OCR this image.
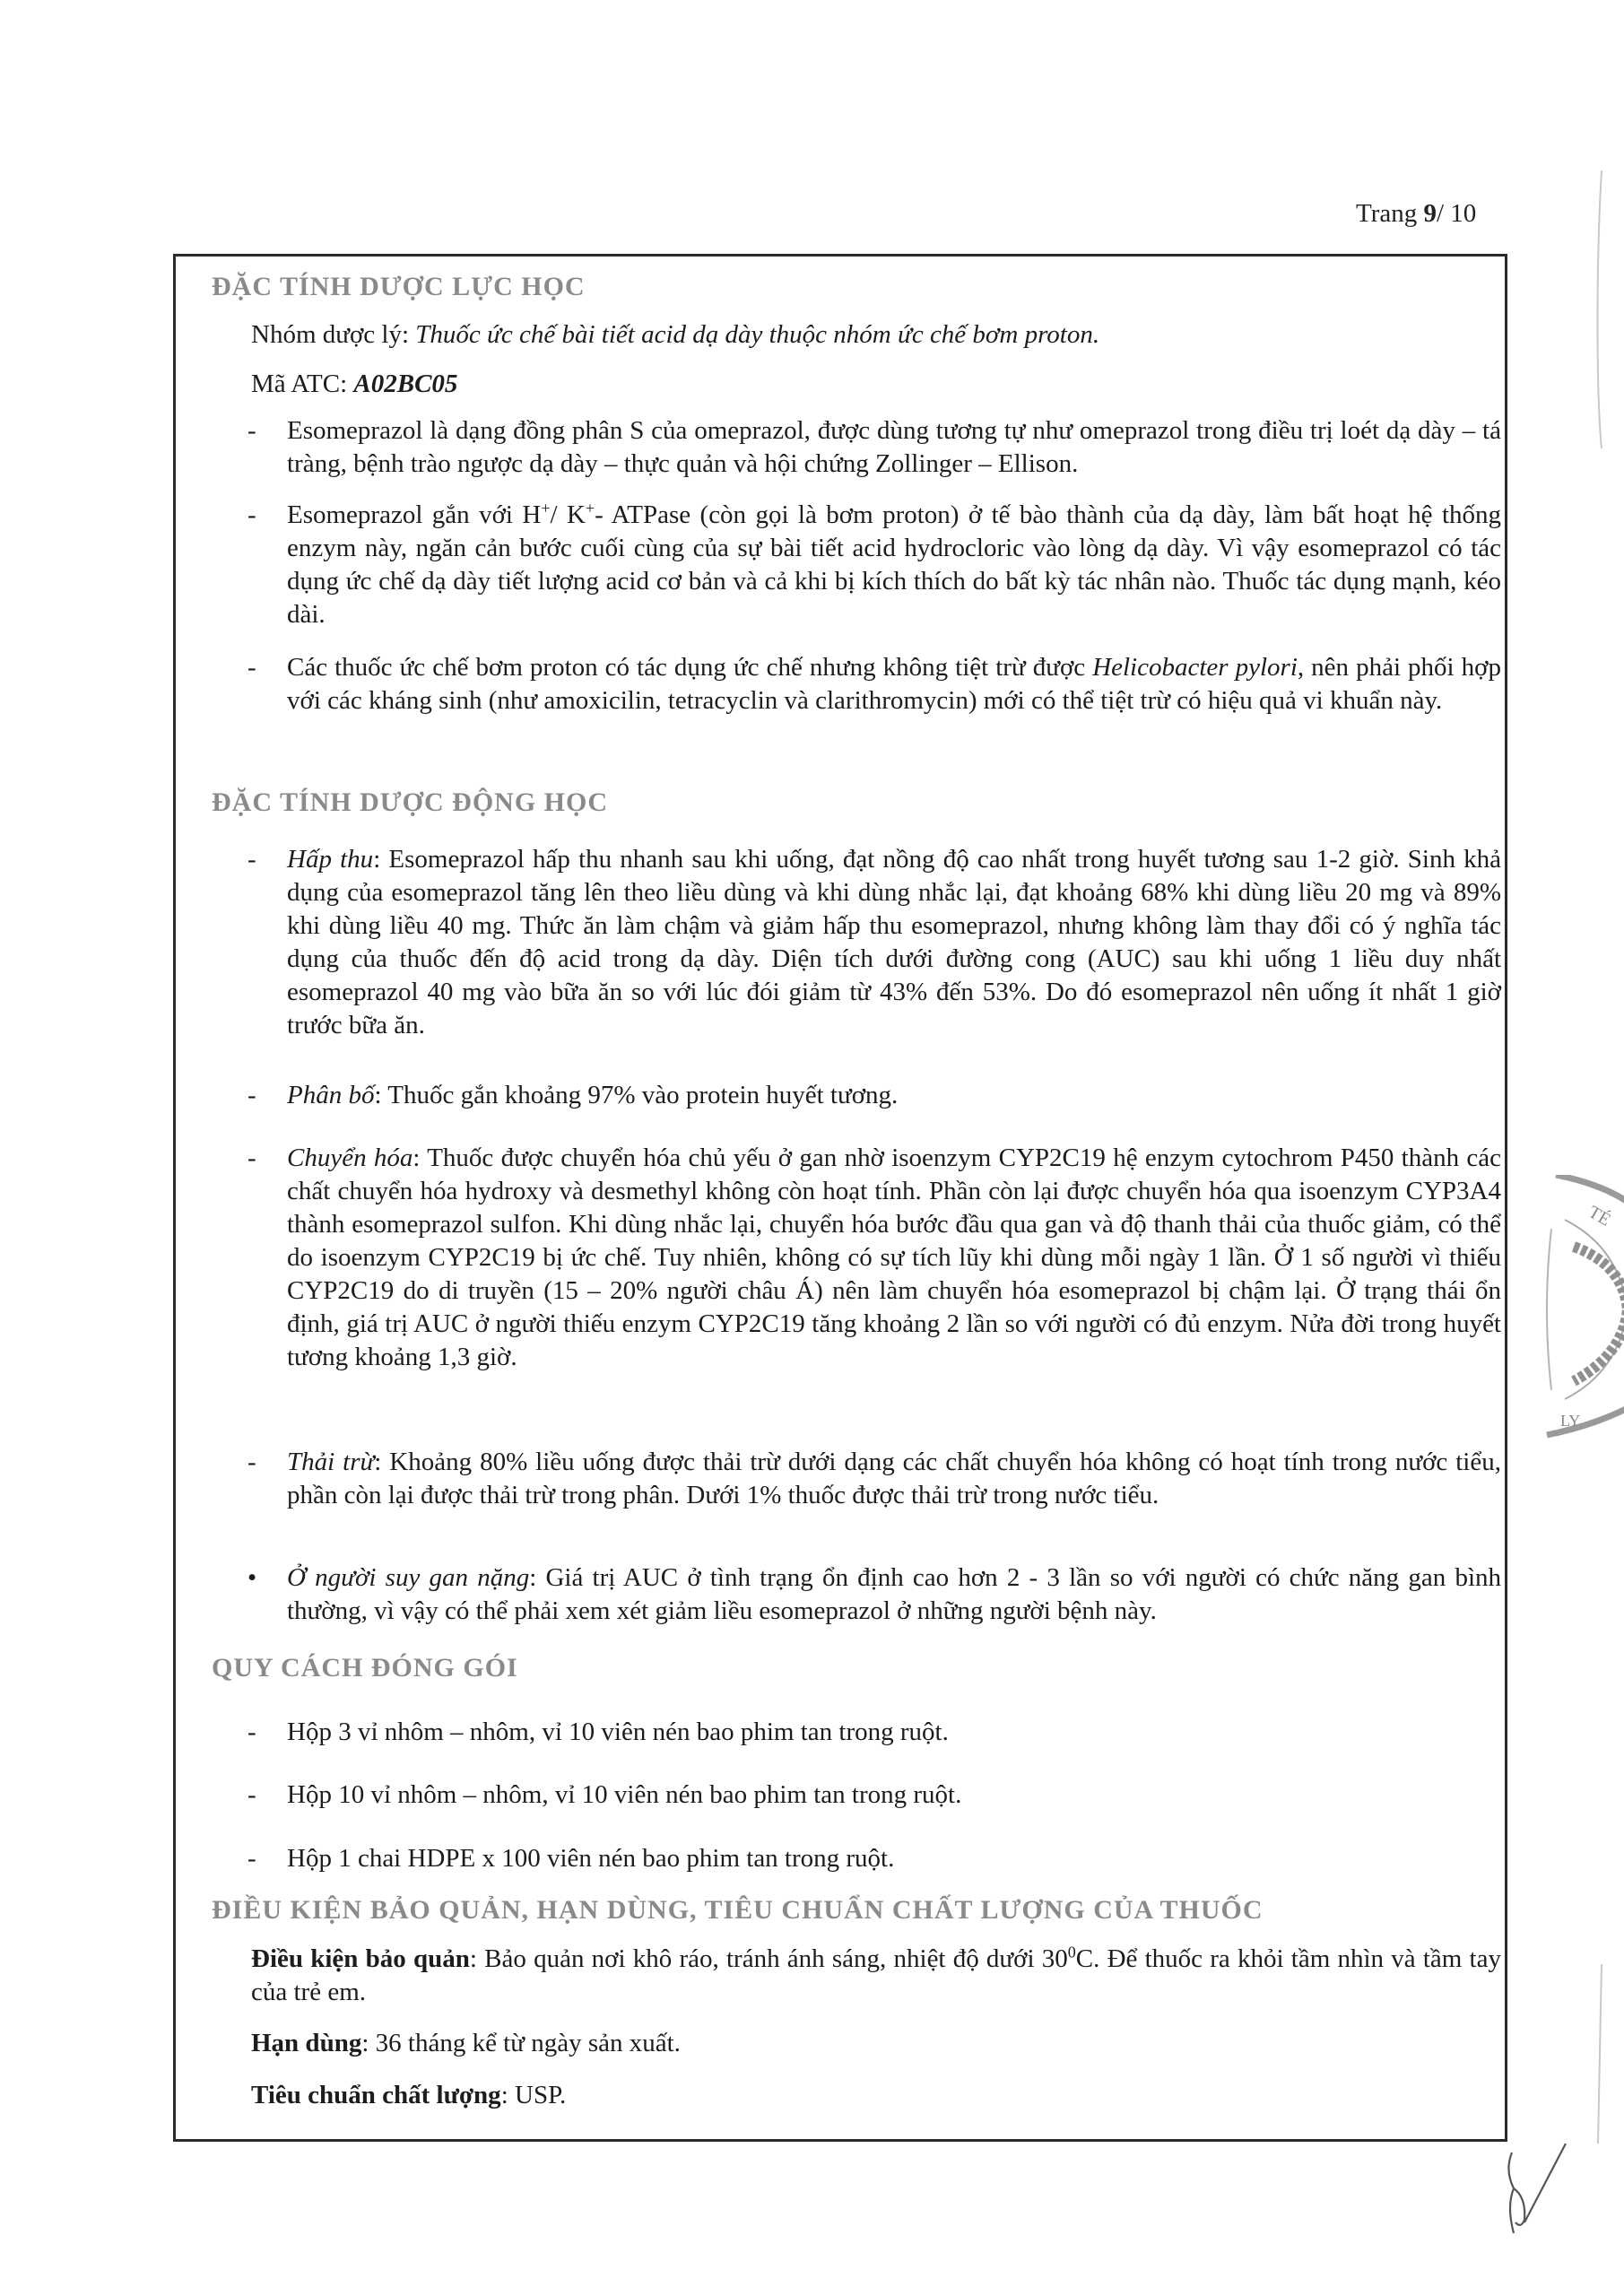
Trang 9/ 10
ĐẶC TÍNH DƯỢC LỰC HỌC
Nhóm dược lý: Thuốc ức chế bài tiết acid dạ dày thuộc nhóm ức chế bơm proton.
Mã ATC: A02BC05
-	Esomeprazol là dạng đồng phân S của omeprazol, được dùng tương tự như omeprazol trong điều trị loét dạ dày – tá tràng, bệnh trào ngược dạ dày – thực quản và hội chứng Zollinger – Ellison.
-	Esomeprazol gắn với H+/ K+- ATPase (còn gọi là bơm proton) ở tế bào thành của dạ dày, làm bất hoạt hệ thống enzym này, ngăn cản bước cuối cùng của sự bài tiết acid hydrocloric vào lòng dạ dày. Vì vậy esomeprazol có tác dụng ức chế dạ dày tiết lượng acid cơ bản và cả khi bị kích thích do bất kỳ tác nhân nào. Thuốc tác dụng mạnh, kéo dài.
-	Các thuốc ức chế bơm proton có tác dụng ức chế nhưng không tiệt trừ được Helicobacter pylori, nên phải phối hợp với các kháng sinh (như amoxicilin, tetracyclin và clarithromycin) mới có thể tiệt trừ có hiệu quả vi khuẩn này.
ĐẶC TÍNH DƯỢC ĐỘNG HỌC
-	Hấp thu: Esomeprazol hấp thu nhanh sau khi uống, đạt nồng độ cao nhất trong huyết tương sau 1-2 giờ. Sinh khả dụng của esomeprazol tăng lên theo liều dùng và khi dùng nhắc lại, đạt khoảng 68% khi dùng liều 20 mg và 89% khi dùng liều 40 mg. Thức ăn làm chậm và giảm hấp thu esomeprazol, nhưng không làm thay đổi có ý nghĩa tác dụng của thuốc đến độ acid trong dạ dày. Diện tích dưới đường cong (AUC) sau khi uống 1 liều duy nhất esomeprazol 40 mg vào bữa ăn so với lúc đói giảm từ 43% đến 53%. Do đó esomeprazol nên uống ít nhất 1 giờ trước bữa ăn.
-	Phân bố: Thuốc gắn khoảng 97% vào protein huyết tương.
-	Chuyển hóa: Thuốc được chuyển hóa chủ yếu ở gan nhờ isoenzym CYP2C19 hệ enzym cytochrom P450 thành các chất chuyển hóa hydroxy và desmethyl không còn hoạt tính. Phần còn lại được chuyển hóa qua isoenzym CYP3A4 thành esomeprazol sulfon. Khi dùng nhắc lại, chuyển hóa bước đầu qua gan và độ thanh thải của thuốc giảm, có thể do isoenzym CYP2C19 bị ức chế. Tuy nhiên, không có sự tích lũy khi dùng mỗi ngày 1 lần. Ở 1 số người vì thiếu CYP2C19 do di truyền (15 – 20% người châu Á) nên làm chuyển hóa esomeprazol bị chậm lại. Ở trạng thái ổn định, giá trị AUC ở người thiếu enzym CYP2C19 tăng khoảng 2 lần so với người có đủ enzym. Nửa đời trong huyết tương khoảng 1,3 giờ.
-	Thải trừ: Khoảng 80% liều uống được thải trừ dưới dạng các chất chuyển hóa không có hoạt tính trong nước tiểu, phần còn lại được thải trừ trong phân. Dưới 1% thuốc được thải trừ trong nước tiểu.
•	Ở người suy gan nặng: Giá trị AUC ở tình trạng ổn định cao hơn 2 - 3 lần so với người có chức năng gan bình thường, vì vậy có thể phải xem xét giảm liều esomeprazol ở những người bệnh này.
QUY CÁCH ĐÓNG GÓI
-	Hộp 3 vỉ nhôm – nhôm, vỉ 10 viên nén bao phim tan trong ruột.
-	Hộp 10 vỉ nhôm – nhôm, vỉ 10 viên nén bao phim tan trong ruột.
-	Hộp 1 chai HDPE x 100 viên nén bao phim tan trong ruột.
ĐIỀU KIỆN BẢO QUẢN, HẠN DÙNG, TIÊU CHUẨN CHẤT LƯỢNG CỦA THUỐC
Điều kiện bảo quản: Bảo quản nơi khô ráo, tránh ánh sáng, nhiệt độ dưới $30^0C$. Để thuốc ra khỏi tầm nhìn và tầm tay của trẻ em.
Hạn dùng: 36 tháng kể từ ngày sản xuất.
Tiêu chuẩn chất lượng: USP.
TÉ
LY
